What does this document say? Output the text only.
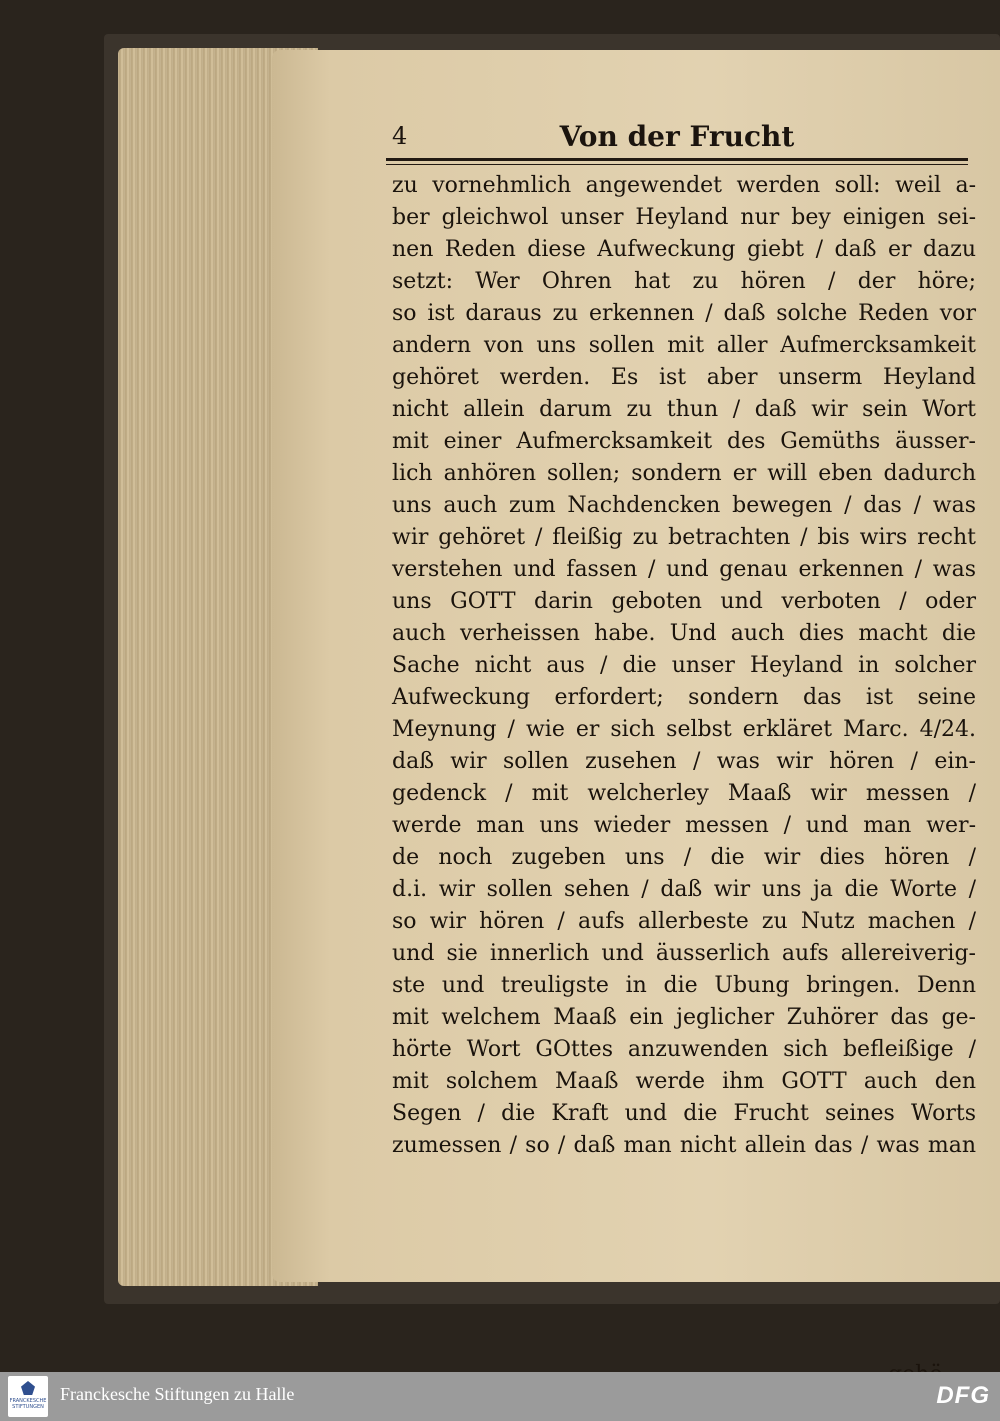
4	Von der Frucht
zu vornehmlich angewendet werden soll: weil a-
ber gleichwol unser Heyland nur bey einigen sei-
nen Reden diese Aufweckung giebt / daß er dazu
setzt: Wer Ohren hat zu hören / der höre;
so ist daraus zu erkennen / daß solche Reden vor
andern von uns sollen mit aller Aufmercksamkeit
gehöret werden. Es ist aber unserm Heyland
nicht allein darum zu thun / daß wir sein Wort
mit einer Aufmercksamkeit des Gemüths äusser-
lich anhören sollen; sondern er will eben dadurch
uns auch zum Nachdencken bewegen / das / was
wir gehöret / fleißig zu betrachten / bis wirs recht
verstehen und fassen / und genau erkennen / was
uns GOTT darin geboten und verboten / oder
auch verheissen habe. Und auch dies macht die
Sache nicht aus / die unser Heyland in solcher
Aufweckung erfordert; sondern das ist seine
Meynung / wie er sich selbst erkläret Marc. 4/24.
daß wir sollen zusehen / was wir hören / ein-
gedenck / mit welcherley Maaß wir messen /
werde man uns wieder messen / und man wer-
de noch zugeben uns / die wir dies hören /
d.i. wir sollen sehen / daß wir uns ja die Worte /
so wir hören / aufs allerbeste zu Nutz machen /
und sie innerlich und äusserlich aufs allereiverig-
ste und treuligste in die Ubung bringen. Denn
mit welchem Maaß ein jeglicher Zuhörer das ge-
hörte Wort GOttes anzuwenden sich befleißige /
mit solchem Maaß werde ihm GOTT auch den
Segen / die Kraft und die Frucht seines Worts
zumessen / so / daß man nicht allein das / was man
FRANCKESCHE STIFTUNGEN
Franckesche Stiftungen zu Halle	DFG
